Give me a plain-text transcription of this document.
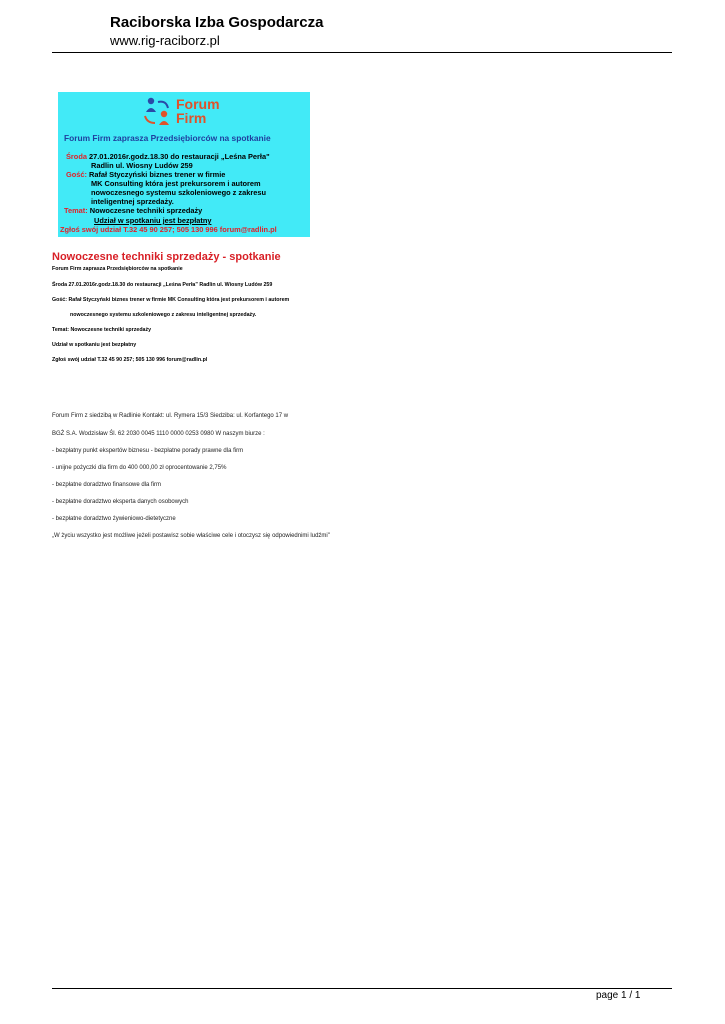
Raciborska Izba Gospodarcza
www.rig-raciborz.pl
Forum
Firm
Forum Firm zaprasza Przedsiębiorców na spotkanie
Środa 27.01.2016r.godz.18.30 do restauracji „Leśna Perła"
Radlin ul. Wiosny Ludów 259
Gość: Rafał Styczyński biznes trener w firmie
MK Consulting która jest prekursorem i autorem
nowoczesnego systemu szkoleniowego z zakresu
inteligentnej sprzedaży.
Temat: Nowoczesne techniki sprzedaży
Udział w spotkaniu jest bezpłatny
Zgłoś swój udział T.32 45 90 257; 505 130 996 forum@radlin.pl
Nowoczesne techniki sprzedaży - spotkanie
Forum Firm zaprasza Przedsiębiorców na spotkanie
Środa 27.01.2016r.godz.18.30 do restauracji „Leśna Perła" Radlin ul. Wiosny Ludów 259
Gość: Rafał Styczyński biznes trener w firmie MK Consulting która jest prekursorem i autorem
nowoczesnego systemu szkoleniowego z zakresu inteligentnej sprzedaży.
Temat: Nowoczesne techniki sprzedaży
Udział w spotkaniu jest bezpłatny
Zgłoś swój udział T.32 45 90 257; 505 130 996 forum@radlin.pl
Forum Firm z siedzibą w Radlinie Kontakt: ul. Rymera 15/3 Siedziba: ul. Korfantego 17 w
BGŻ S.A. Wodzisław Śl. 62 2030 0045 1110 0000 0253 0980 W naszym biurze :
- bezpłatny punkt ekspertów biznesu - bezpłatne porady prawne dla firm
- unijne pożyczki dla firm do 400 000,00 zł oprocentowanie 2,75%
- bezpłatne doradztwo finansowe dla firm
- bezpłatne doradztwo eksperta danych osobowych
- bezpłatne doradztwo żywieniowo-dietetyczne
„W życiu wszystko jest możliwe jeżeli postawisz sobie właściwe cele i otoczysz się odpowiednimi ludźmi"
page 1 / 1
